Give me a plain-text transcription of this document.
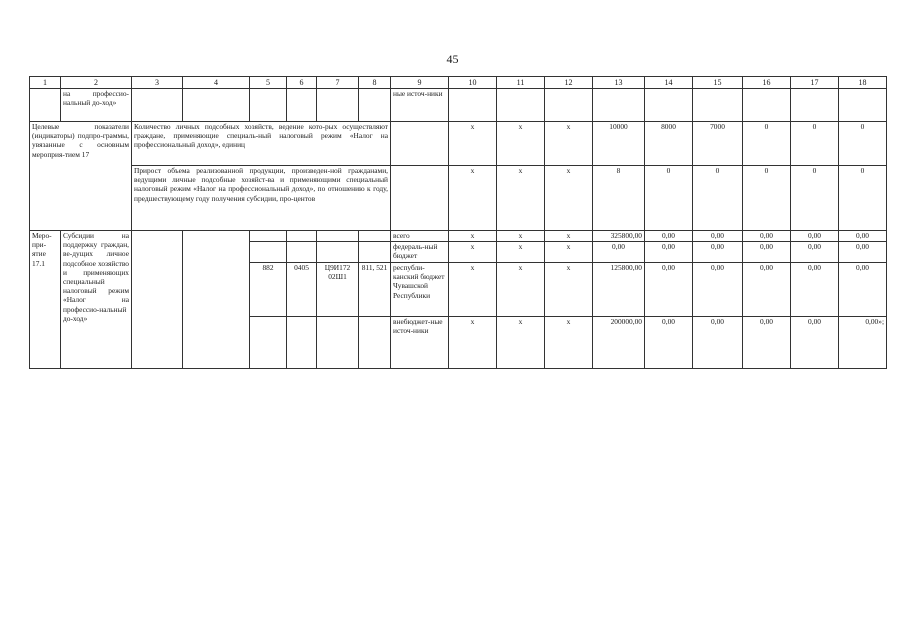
45
1	2	3	4	5	6	7	8	9	10	11	12	13	14	15	16	17	18
	на профессио-нальный до-ход»							ные источ-ники									
Целевые показатели (индикаторы) подпро-граммы, увязанные с основным мероприя-тием 17		Количество личных подсобных хозяйств, ведение кото-рых осуществляют граждане, применяющие специаль-ный налоговый режим «Налог на профессиональный доход», единиц							х	х	х	10000	8000	7000	0	0	0
		Прирост объема реализованной продукции, произведен-ной гражданами, ведущими личные подсобные хозяйст-ва и применяющими специальный налоговый режим «Налог на профессиональный доход», по отношению к году, предшествующему году получения субсидии, про-центов							х	х	х	8	0	0	0	0	0
Меро-при-ятие 17.1	Субсидии на поддержку граждан, ве-дущих личное подсобное хозяйство и применяющих специальный налоговый режим «Налог на профессио-нальный до-ход»							всего	х	х	х	325800,00	0,00	0,00	0,00	0,00	0,00
								федераль-ный бюджет	х	х	х	0,00	0,00	0,00	0,00	0,00	0,00
				882	0405	Ц9И172 02Ш1	811, 521	республи-канский бюджет Чувашской Республики	х	х	х	125800,00	0,00	0,00	0,00	0,00	0,00
								внебюджет-ные источ-ники	х	х	х	200000,00	0,00	0,00	0,00	0,00	0,00»;
